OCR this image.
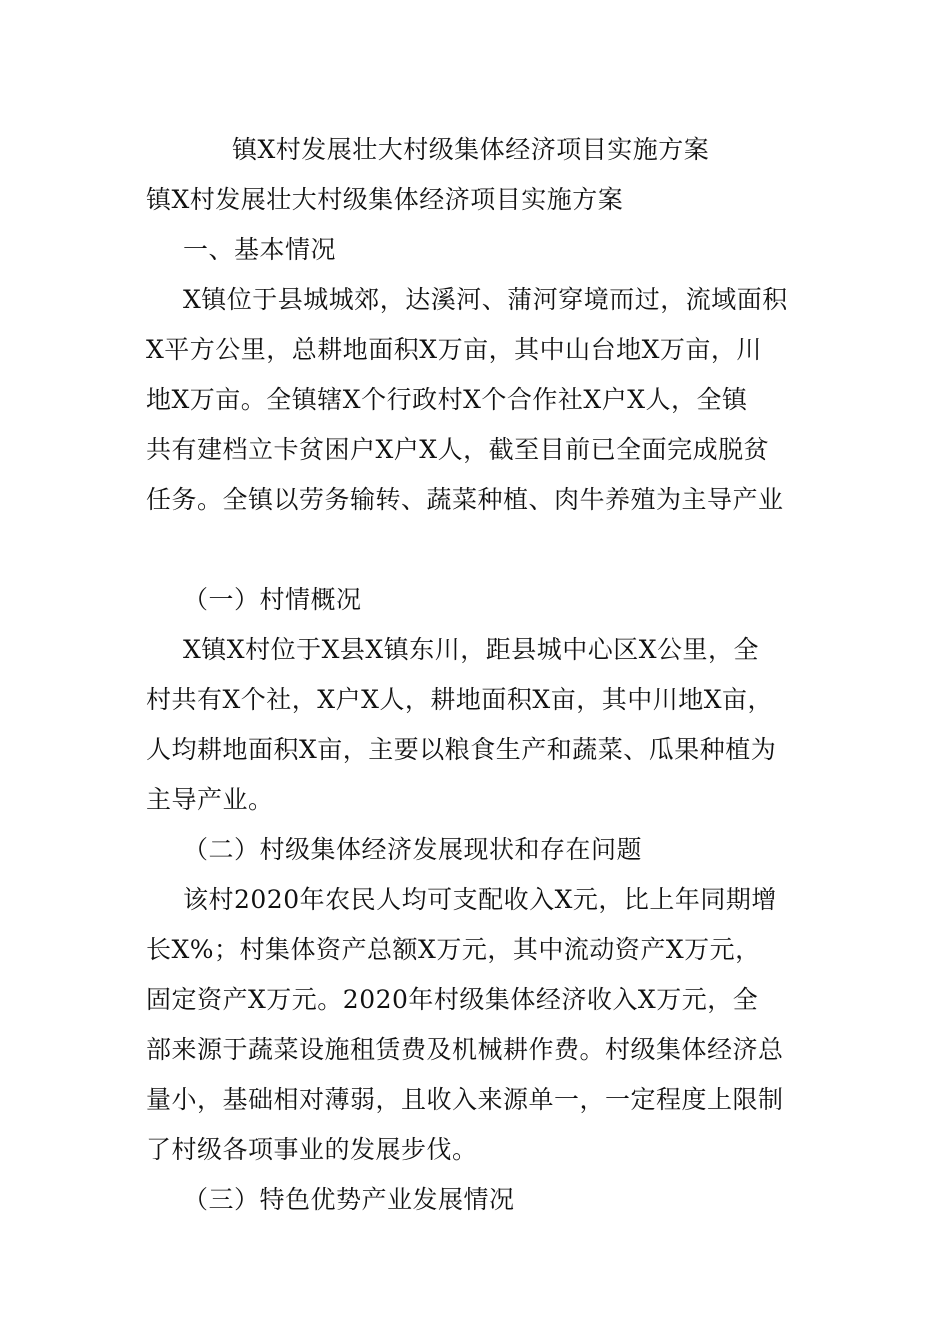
镇X村发展壮大村级集体经济项目实施方案
镇X村发展壮大村级集体经济项目实施方案
一、基本情况
X镇位于县城城郊，达溪河、蒲河穿境而过，流域面积
X平方公里，总耕地面积X万亩，其中山台地X万亩，川
地X万亩。全镇辖X个行政村X个合作社X户X人，全镇
共有建档立卡贫困户X户X人，截至目前已全面完成脱贫
任务。全镇以劳务输转、蔬菜种植、肉牛养殖为主导产业
（一）村情概况
X镇X村位于X县X镇东川，距县城中心区X公里，全
村共有X个社，X户X人，耕地面积X亩，其中川地X亩，
人均耕地面积X亩，主要以粮食生产和蔬菜、瓜果种植为
主导产业。
（二）村级集体经济发展现状和存在问题
该村2020年农民人均可支配收入X元，比上年同期增
长X%；村集体资产总额X万元，其中流动资产X万元，
固定资产X万元。2020年村级集体经济收入X万元，全
部来源于蔬菜设施租赁费及机械耕作费。村级集体经济总
量小，基础相对薄弱，且收入来源单一，一定程度上限制
了村级各项事业的发展步伐。
（三）特色优势产业发展情况
